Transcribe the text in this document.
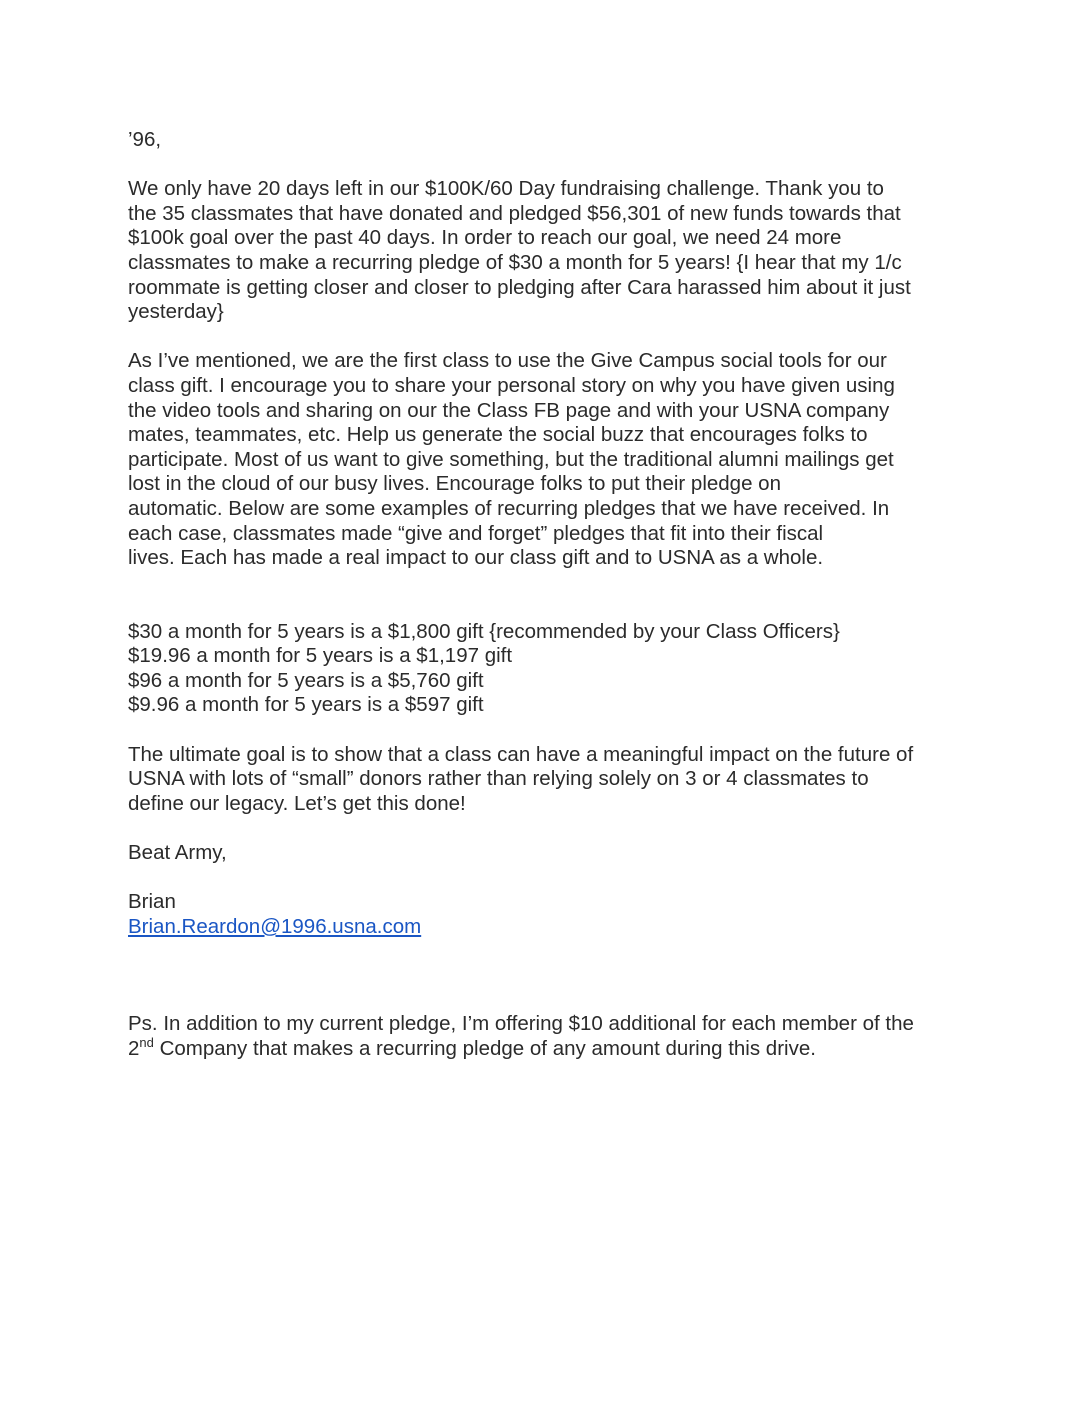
’96,

We only have 20 days left in our $100K/60 Day fundraising challenge. Thank you to
the 35 classmates that have donated and pledged $56,301 of new funds towards that
$100k goal over the past 40 days. In order to reach our goal, we need 24 more
classmates to make a recurring pledge of $30 a month for 5 years! {I hear that my 1/c
roommate is getting closer and closer to pledging after Cara harassed him about it just
yesterday}

As I’ve mentioned, we are the first class to use the Give Campus social tools for our
class gift. I encourage you to share your personal story on why you have given using
the video tools and sharing on our the Class FB page and with your USNA company
mates, teammates, etc. Help us generate the social buzz that encourages folks to
participate. Most of us want to give something, but the traditional alumni mailings get
lost in the cloud of our busy lives. Encourage folks to put their pledge on
automatic. Below are some examples of recurring pledges that we have received. In
each case, classmates made “give and forget” pledges that fit into their fiscal
lives. Each has made a real impact to our class gift and to USNA as a whole.

$30 a month for 5 years is a $1,800 gift {recommended by your Class Officers}
$19.96 a month for 5 years is a $1,197 gift
$96 a month for 5 years is a $5,760 gift
$9.96 a month for 5 years is a $597 gift

The ultimate goal is to show that a class can have a meaningful impact on the future of
USNA with lots of “small” donors rather than relying solely on 3 or 4 classmates to
define our legacy. Let’s get this done!

Beat Army,

Brian

Brian.Reardon@1996.usna.com

Ps. In addition to my current pledge, I’m offering $10 additional for each member of the
2nd Company that makes a recurring pledge of any amount during this drive.
